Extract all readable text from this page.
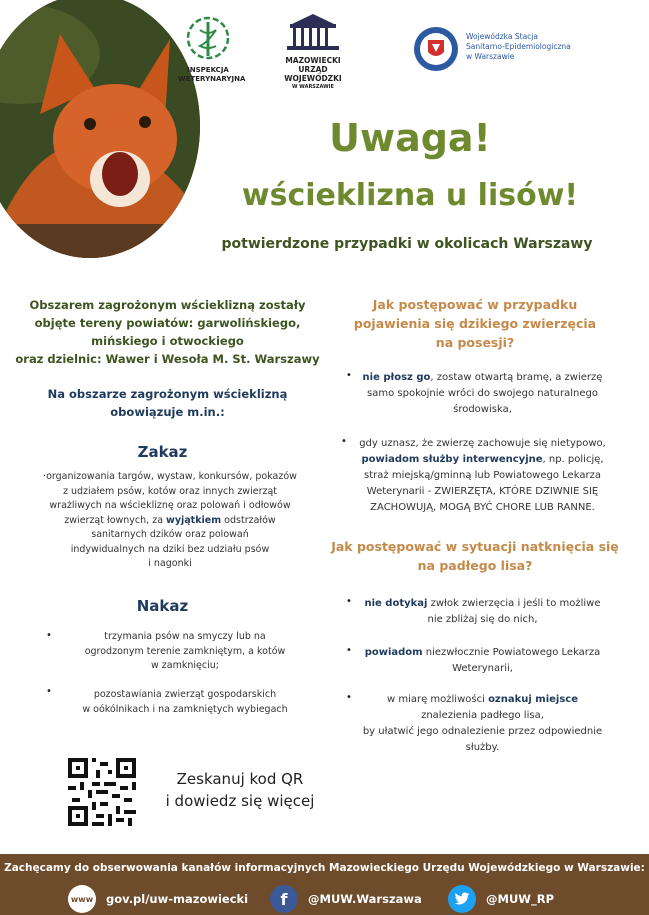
INSPEKCJA WETERYNARYJNA
MAZOWIECKI
URZĄD WOJEWÓDZKI
W WARSZAWIE
Wojewódzka Stacja
Sanitarno-Epidemiologiczna
w Warszawie
Uwaga!
wścieklizna u lisów!
potwierdzone przypadki w okolicach Warszawy
Obszarem zagrożonym wścieklizną zostały
objęte tereny powiatów: garwolińskiego,
mińskiego i otwockiego
oraz dzielnic: Wawer i Wesoła M. St. Warszawy
Na obszarze zagrożonym wścieklizną
obowiązuje m.in.:
Zakaz
·organizowania targów, wystaw, konkursów, pokazów
z udziałem psów, kotów oraz innych zwierząt
wrażliwych na wściekliznę oraz polowań i odłowów
zwierząt łownych, za wyjątkiem odstrzałów
sanitarnych dzików oraz polowań
indywidualnych na dziki bez udziału psów
i nagonki
Nakaz
•	trzymania psów na smyczy lub na
ogrodzonym terenie zamkniętym, a kotów
w zamknięciu;
•	pozostawiania zwierząt gospodarskich
w oókólnikach i na zamkniętych wybiegach
Jak postępować w przypadku
pojawienia się dzikiego zwierzęcia
na posesji?
•	nie płosz go, zostaw otwartą bramę, a zwierzę
samo spokojnie wróci do swojego naturalnego
środowiska,
•	gdy uznasz, że zwierzę zachowuje się nietypowo,
powiadom służby interwencyjne, np. policję,
straż miejską/gminną lub Powiatowego Lekarza
Weterynarii - ZWIERZĘTA, KTÓRE DZIWNIE SIĘ
ZACHOWUJĄ, MOGĄ BYĆ CHORE LUB RANNE.
Jak postępować w sytuacji natknięcia się
na padłego lisa?
•	nie dotykaj zwłok zwierzęcia i jeśli to możliwe
nie zbliżaj się do nich,
•	powiadom niezwłocznie Powiatowego Lekarza
Weterynarii,
•	w miarę możliwości oznakuj miejsce
znalezienia padłego lisa,
by ułatwić jego odnalezienie przez odpowiednie
służby.
Zeskanuj kod QR
i dowiedz się więcej
Zachęcamy do obserwowania kanałów informacyjnych Mazowieckiego Urzędu Wojewódzkiego w Warszawie:
www gov.pl/uw-mazowiecki	f	@MUW.Warszawa	@MUW_RP
